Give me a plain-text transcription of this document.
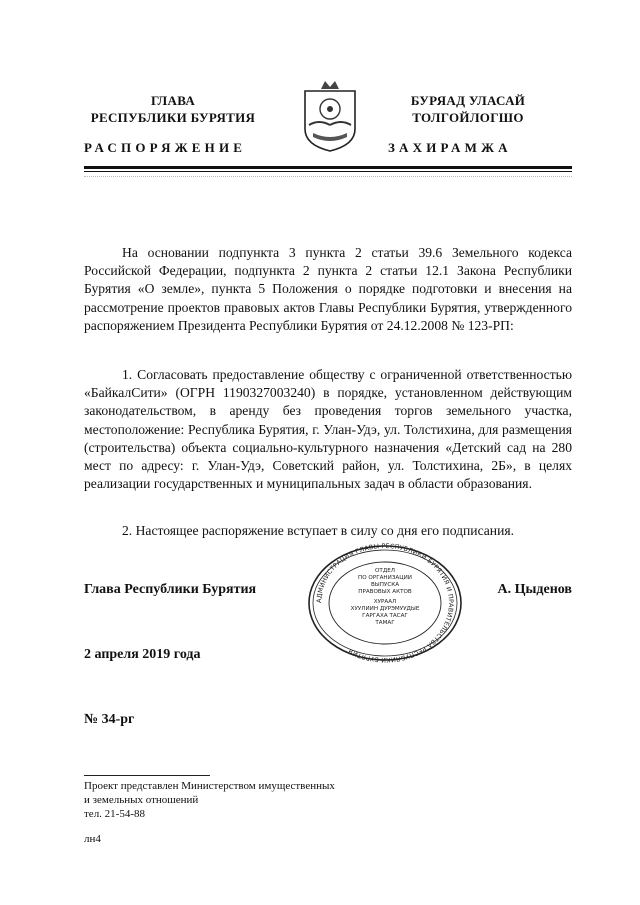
ГЛАВА
РЕСПУБЛИКИ БУРЯТИЯ
БУРЯАД УЛАСАЙ
ТОЛГОЙЛОГШО
РАСПОРЯЖЕНИЕ	ЗАХИРАМЖА

На основании подпункта 3 пункта 2 статьи 39.6 Земельного кодекса Российской Федерации, подпункта 2 пункта 2 статьи 12.1 Закона Республики Бурятия «О земле», пункта 5 Положения о порядке подготовки и внесения на рассмотрение проектов правовых актов Главы Республики Бурятия, утвержденного распоряжением Президента Республики Бурятия от 24.12.2008 № 123-РП:

1. Согласовать предоставление обществу с ограниченной ответственностью «БайкалСити» (ОГРН 1190327003240) в порядке, установленном действующим законодательством, в аренду без проведения торгов земельного участка, местоположение: Республика Бурятия, г. Улан-Удэ, ул. Толстихина, для размещения (строительства) объекта социально-культурного назначения «Детский сад на 280 мест по адресу: г. Улан-Удэ, Советский район, ул. Толстихина, 2Б», в целях реализации государственных и муниципальных задач в области образования.

2. Настоящее распоряжение вступает в силу со дня его подписания.

Глава Республики Бурятия	А. Цыденов
АДМИНИСТРАЦИЯ ГЛАВЫ РЕСПУБЛИКИ БУРЯТИЯ И ПРАВИТЕЛЬСТВА РЕСПУБЛИКИ БУРЯТИЯ
ОТДЕЛ
ПО ОРГАНИЗАЦИИ
ВЫПУСКА
ПРАВОВЫХ АКТОВ
ХУРААЛ
ХУУЛИИН ДУРЭМУУДЫЕ
ГАРГАХА ТАСАГ
ТАМАГ
2 апреля 2019 года
№ 34-рг
Проект представлен Министерством имущественных
и земельных отношений
тел. 21-54-88
лн4
